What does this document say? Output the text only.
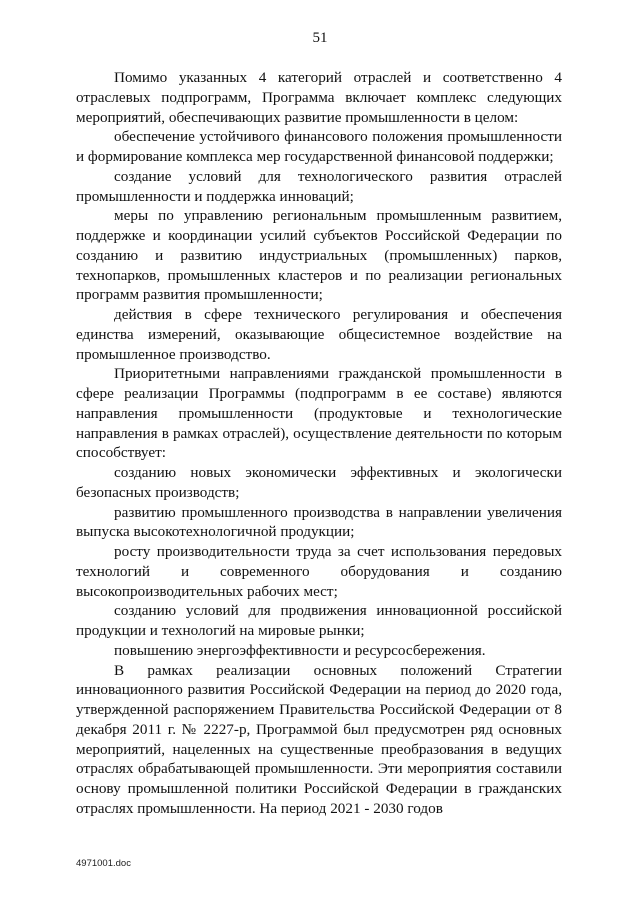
51

Помимо указанных 4 категорий отраслей и соответственно 4 отраслевых подпрограмм, Программа включает комплекс следующих мероприятий, обеспечивающих развитие промышленности в целом:

обеспечение устойчивого финансового положения промышленности и формирование комплекса мер государственной финансовой поддержки;

создание условий для технологического развития отраслей промышленности и поддержка инноваций;

меры по управлению региональным промышленным развитием, поддержке и координации усилий субъектов Российской Федерации по созданию и развитию индустриальных (промышленных) парков, технопарков, промышленных кластеров и по реализации региональных программ развития промышленности;

действия в сфере технического регулирования и обеспечения единства измерений, оказывающие общесистемное воздействие на промышленное производство.

Приоритетными направлениями гражданской промышленности в сфере реализации Программы (подпрограмм в ее составе) являются направления промышленности (продуктовые и технологические направления в рамках отраслей), осуществление деятельности по которым способствует:

созданию новых экономически эффективных и экологически безопасных производств;

развитию промышленного производства в направлении увеличения выпуска высокотехнологичной продукции;

росту производительности труда за счет использования передовых технологий и современного оборудования и созданию высокопроизводительных рабочих мест;

созданию условий для продвижения инновационной российской продукции и технологий на мировые рынки;

повышению энергоэффективности и ресурсосбережения.

В рамках реализации основных положений Стратегии инновационного развития Российской Федерации на период до 2020 года, утвержденной распоряжением Правительства Российской Федерации от 8 декабря 2011 г. № 2227-р, Программой был предусмотрен ряд основных мероприятий, нацеленных на существенные преобразования в ведущих отраслях обрабатывающей промышленности. Эти мероприятия составили основу промышленной политики Российской Федерации в гражданских отраслях промышленности. На период 2021 - 2030 годов

4971001.doc
